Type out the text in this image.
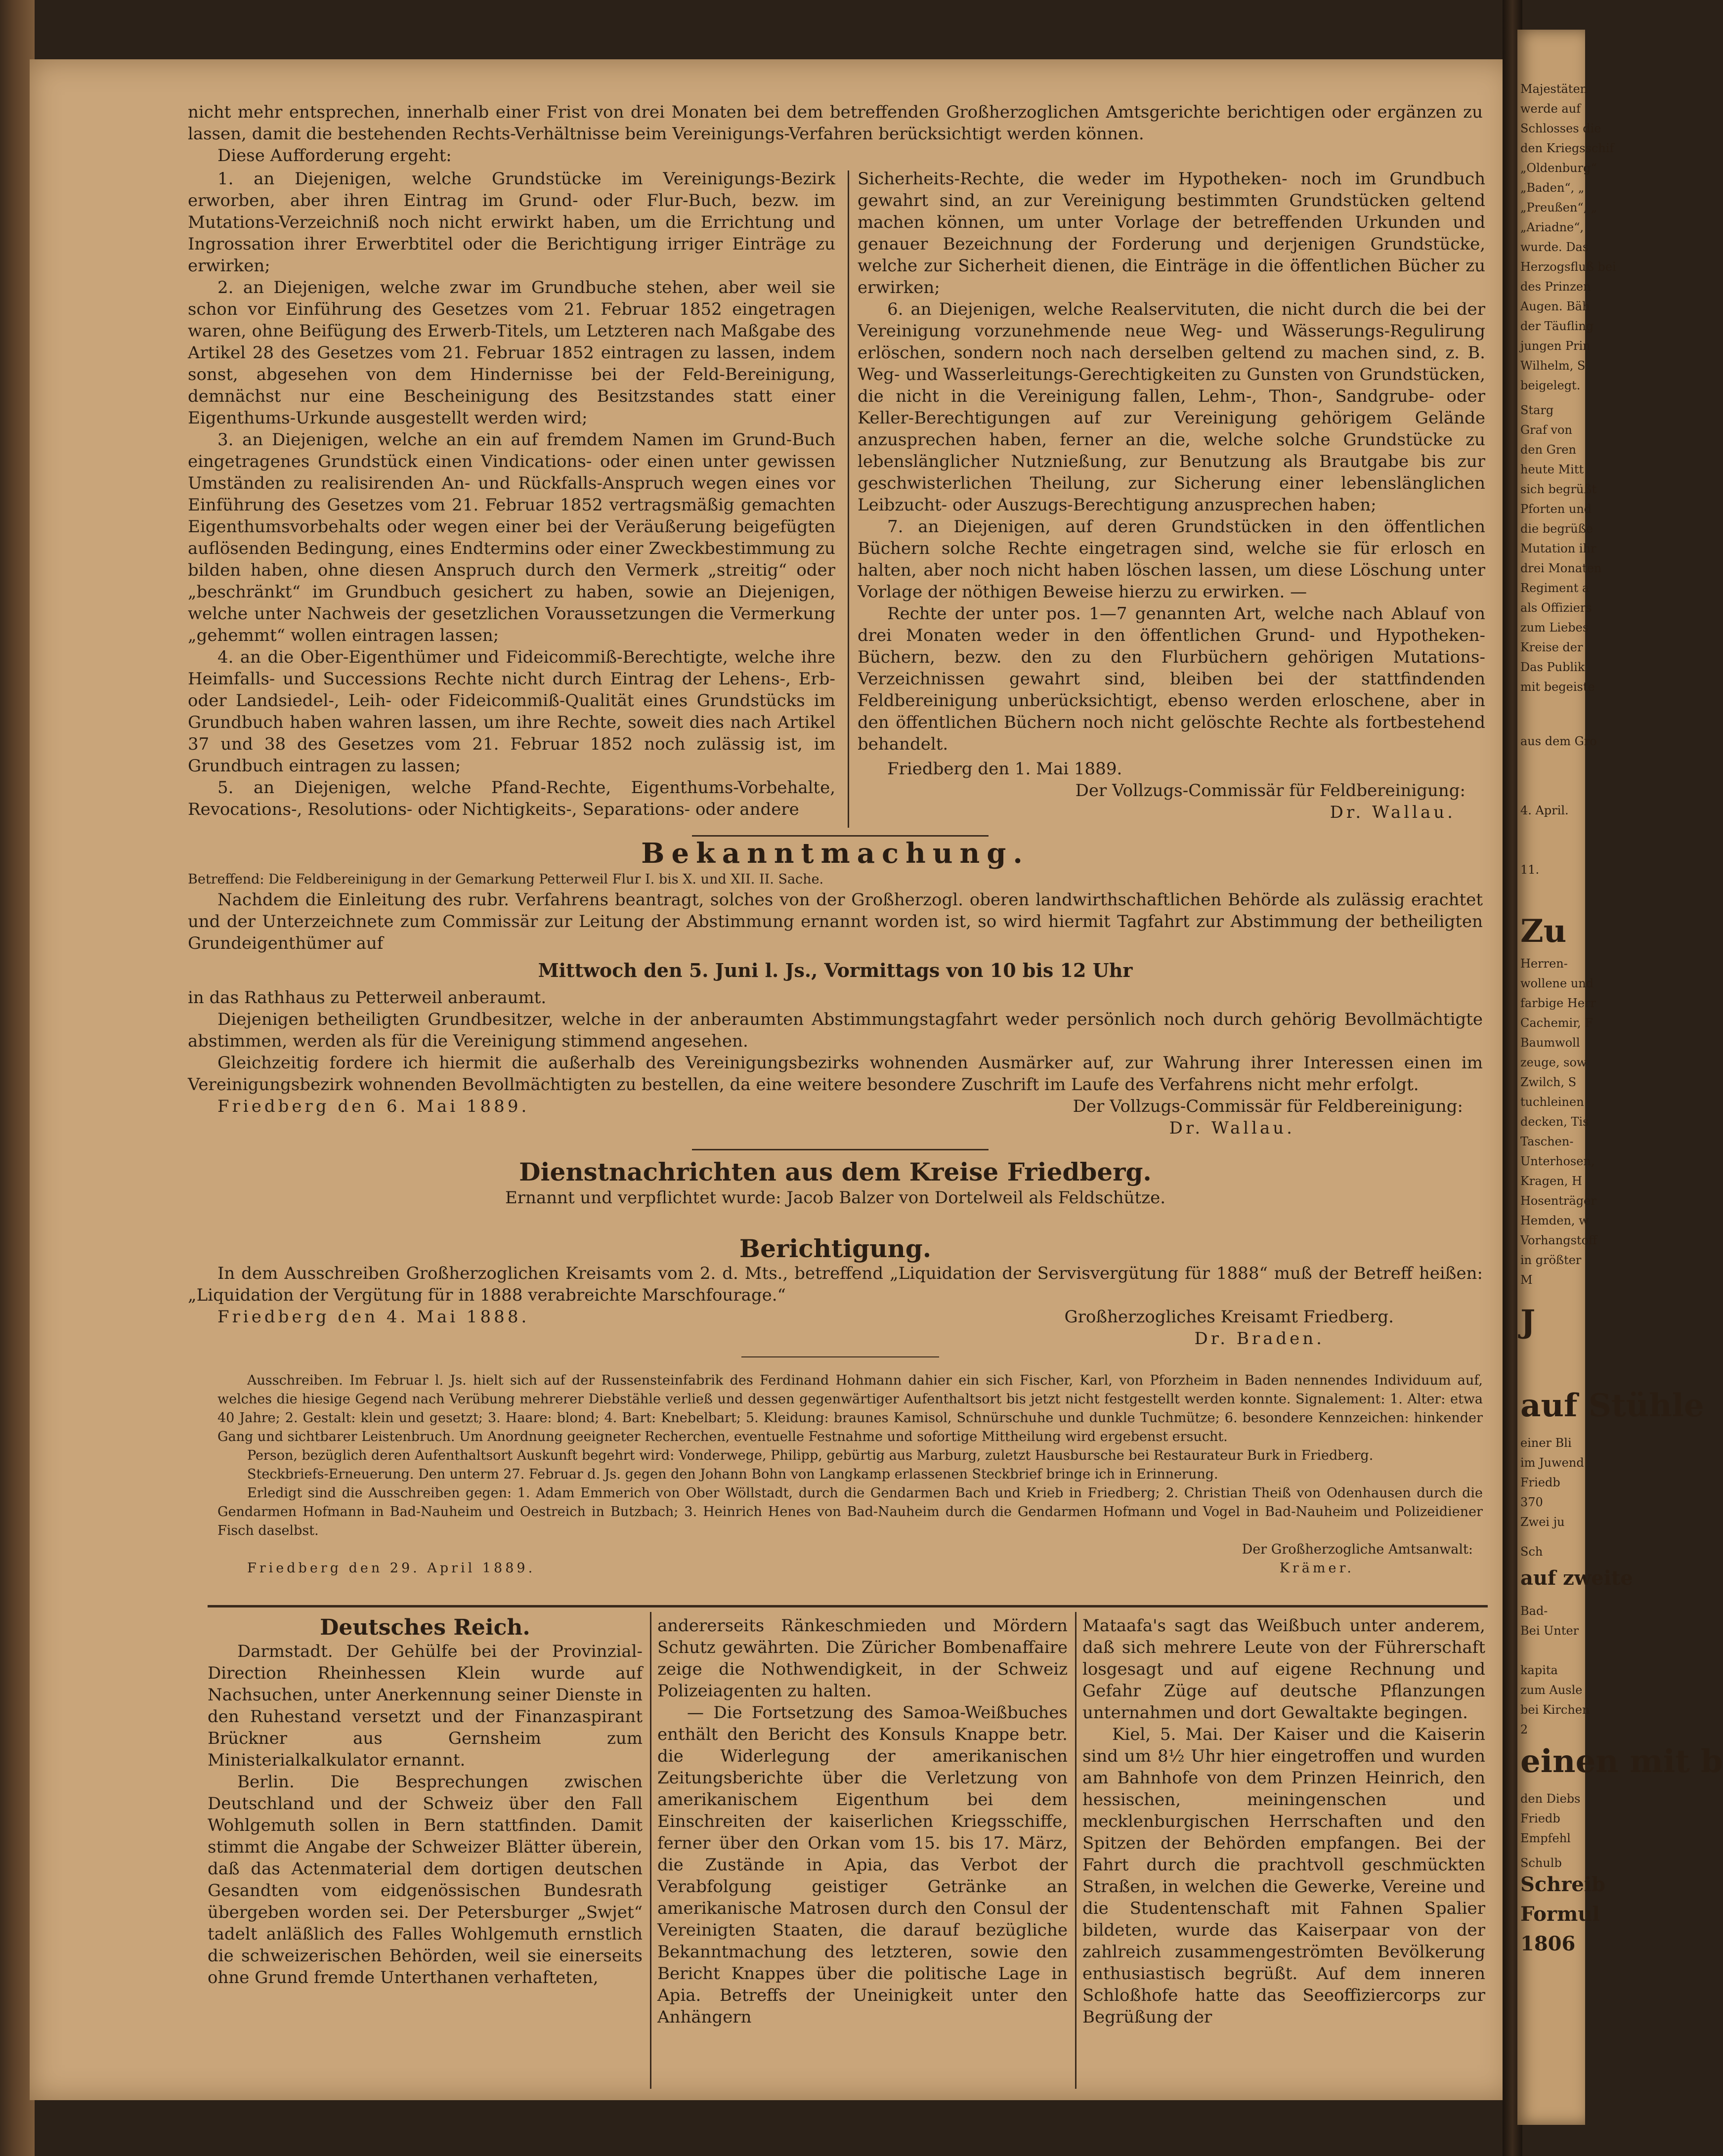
nicht mehr entsprechen, innerhalb einer Frist von drei Monaten bei dem betreffenden Großherzoglichen Amtsgerichte berichtigen oder ergänzen zu lassen, damit die bestehenden Rechts-Verhältnisse beim Vereinigungs-Verfahren berücksichtigt werden können.

Diese Aufforderung ergeht:

1. an Diejenigen, welche Grundstücke im Vereinigungs-Bezirk erworben, aber ihren Eintrag im Grund- oder Flur-Buch, bezw. im Mutations-Verzeichniß noch nicht erwirkt haben, um die Errichtung und Ingrossation ihrer Erwerbtitel oder die Berichtigung irriger Einträge zu erwirken;

2. an Diejenigen, welche zwar im Grundbuche stehen, aber weil sie schon vor Einführung des Gesetzes vom 21. Februar 1852 eingetragen waren, ohne Beifügung des Erwerb-Titels, um Letzteren nach Maßgabe des Artikel 28 des Gesetzes vom 21. Februar 1852 eintragen zu lassen, indem sonst, abgesehen von dem Hindernisse bei der Feld-Bereinigung, demnächst nur eine Bescheinigung des Besitzstandes statt einer Eigenthums-Urkunde ausgestellt werden wird;

3. an Diejenigen, welche an ein auf fremdem Namen im Grund-Buch eingetragenes Grundstück einen Vindications- oder einen unter gewissen Umständen zu realisirenden An- und Rückfalls-Anspruch wegen eines vor Einführung des Gesetzes vom 21. Februar 1852 vertragsmäßig gemachten Eigenthumsvorbehalts oder wegen einer bei der Veräußerung beigefügten auflösenden Bedingung, eines Endtermins oder einer Zweckbestimmung zu bilden haben, ohne diesen Anspruch durch den Vermerk „streitig“ oder „beschränkt“ im Grundbuch gesichert zu haben, sowie an Diejenigen, welche unter Nachweis der gesetzlichen Voraussetzungen die Vermerkung „gehemmt“ wollen eintragen lassen;

4. an die Ober-Eigenthümer und Fideicommiß-Berechtigte, welche ihre Heimfalls- und Successions Rechte nicht durch Eintrag der Lehens-, Erb- oder Landsiedel-, Leih- oder Fideicommiß-Qualität eines Grundstücks im Grundbuch haben wahren lassen, um ihre Rechte, soweit dies nach Artikel 37 und 38 des Gesetzes vom 21. Februar 1852 noch zulässig ist, im Grundbuch eintragen zu lassen;

5. an Diejenigen, welche Pfand-Rechte, Eigenthums-Vorbehalte, Revocations-, Resolutions- oder Nichtigkeits-, Separations- oder andere

Sicherheits-Rechte, die weder im Hypotheken- noch im Grundbuch gewahrt sind, an zur Vereinigung bestimmten Grundstücken geltend machen können, um unter Vorlage der betreffenden Urkunden und genauer Bezeichnung der Forderung und derjenigen Grundstücke, welche zur Sicherheit dienen, die Einträge in die öffentlichen Bücher zu erwirken;

6. an Diejenigen, welche Realservituten, die nicht durch die bei der Vereinigung vorzunehmende neue Weg- und Wässerungs-Regulirung erlöschen, sondern noch nach derselben geltend zu machen sind, z. B. Weg- und Wasserleitungs-Gerechtigkeiten zu Gunsten von Grundstücken, die nicht in die Vereinigung fallen, Lehm-, Thon-, Sandgrube- oder Keller-Berechtigungen auf zur Vereinigung gehörigem Gelände anzusprechen haben, ferner an die, welche solche Grundstücke zu lebenslänglicher Nutznießung, zur Benutzung als Brautgabe bis zur geschwisterlichen Theilung, zur Sicherung einer lebenslänglichen Leibzucht- oder Auszugs-Berechtigung anzusprechen haben;

7. an Diejenigen, auf deren Grundstücken in den öffentlichen Büchern solche Rechte eingetragen sind, welche sie für erlosch en halten, aber noch nicht haben löschen lassen, um diese Löschung unter Vorlage der nöthigen Beweise hierzu zu erwirken. —

Rechte der unter pos. 1—7 genannten Art, welche nach Ablauf von drei Monaten weder in den öffentlichen Grund- und Hypotheken-Büchern, bezw. den zu den Flurbüchern gehörigen Mutations-Verzeichnissen gewahrt sind, bleiben bei der stattfindenden Feldbereinigung unberücksichtigt, ebenso werden erloschene, aber in den öffentlichen Büchern noch nicht gelöschte Rechte als fortbestehend behandelt.

Friedberg den 1. Mai 1889.

Der Vollzugs-Commissär für Feldbereinigung:

Dr. Wallau.

Bekanntmachung.

Betreffend: Die Feldbereinigung in der Gemarkung Petterweil Flur I. bis X. und XII. II. Sache.

Nachdem die Einleitung des rubr. Verfahrens beantragt, solches von der Großherzogl. oberen landwirthschaftlichen Behörde als zulässig erachtet und der Unterzeichnete zum Commissär zur Leitung der Abstimmung ernannt worden ist, so wird hiermit Tagfahrt zur Abstimmung der betheiligten Grundeigenthümer auf

Mittwoch den 5. Juni l. Js., Vormittags von 10 bis 12 Uhr

in das Rathhaus zu Petterweil anberaumt.

Diejenigen betheiligten Grundbesitzer, welche in der anberaumten Abstimmungstagfahrt weder persönlich noch durch gehörig Bevollmächtigte abstimmen, werden als für die Vereinigung stimmend angesehen.

Gleichzeitig fordere ich hiermit die außerhalb des Vereinigungsbezirks wohnenden Ausmärker auf, zur Wahrung ihrer Interessen einen im Vereinigungsbezirk wohnenden Bevollmächtigten zu bestellen, da eine weitere besondere Zuschrift im Laufe des Verfahrens nicht mehr erfolgt.

Friedberg den 6. Mai 1889.	Der Vollzugs-Commissär für Feldbereinigung:

Dr. Wallau.

Dienstnachrichten aus dem Kreise Friedberg.

Ernannt und verpflichtet wurde: Jacob Balzer von Dortelweil als Feldschütze.

Berichtigung.

In dem Ausschreiben Großherzoglichen Kreisamts vom 2. d. Mts., betreffend „Liquidation der Servisvergütung für 1888“ muß der Betreff heißen: „Liquidation der Vergütung für in 1888 verabreichte Marschfourage.“

Friedberg den 4. Mai 1888.	Großherzogliches Kreisamt Friedberg.

Dr. Braden.

Ausschreiben. Im Februar l. Js. hielt sich auf der Russensteinfabrik des Ferdinand Hohmann dahier ein sich Fischer, Karl, von Pforzheim in Baden nennendes Individuum auf, welches die hiesige Gegend nach Verübung mehrerer Diebstähle verließ und dessen gegenwärtiger Aufenthaltsort bis jetzt nicht festgestellt werden konnte. Signalement: 1. Alter: etwa 40 Jahre; 2. Gestalt: klein und gesetzt; 3. Haare: blond; 4. Bart: Knebelbart; 5. Kleidung: braunes Kamisol, Schnürschuhe und dunkle Tuchmütze; 6. besondere Kennzeichen: hinkender Gang und sichtbarer Leistenbruch. Um Anordnung geeigneter Recherchen, eventuelle Festnahme und sofortige Mittheilung wird ergebenst ersucht.

Person, bezüglich deren Aufenthaltsort Auskunft begehrt wird: Vonderwege, Philipp, gebürtig aus Marburg, zuletzt Hausbursche bei Restaurateur Burk in Friedberg.

Steckbriefs-Erneuerung. Den unterm 27. Februar d. Js. gegen den Johann Bohn von Langkamp erlassenen Steckbrief bringe ich in Erinnerung.

Erledigt sind die Ausschreiben gegen: 1. Adam Emmerich von Ober Wöllstadt, durch die Gendarmen Bach und Krieb in Friedberg; 2. Christian Theiß von Odenhausen durch die Gendarmen Hofmann in Bad-Nauheim und Oestreich in Butzbach; 3. Heinrich Henes von Bad-Nauheim durch die Gendarmen Hofmann und Vogel in Bad-Nauheim und Polizeidiener Fisch daselbst.

Der Großherzogliche Amtsanwalt:

Friedberg den 29. April 1889.	Krämer.

Deutsches Reich.

Darmstadt. Der Gehülfe bei der Provinzial-Direction Rheinhessen Klein wurde auf Nachsuchen, unter Anerkennung seiner Dienste in den Ruhestand versetzt und der Finanzaspirant Brückner aus Gernsheim zum Ministerialkalkulator ernannt.

Berlin. Die Besprechungen zwischen Deutschland und der Schweiz über den Fall Wohlgemuth sollen in Bern stattfinden. Damit stimmt die Angabe der Schweizer Blätter überein, daß das Actenmaterial dem dortigen deutschen Gesandten vom eidgenössischen Bundesrath übergeben worden sei. Der Petersburger „Swjet“ tadelt anläßlich des Falles Wohlgemuth ernstlich die schweizerischen Behörden, weil sie einerseits ohne Grund fremde Unterthanen verhafteten,

andererseits Ränkeschmieden und Mördern Schutz gewährten. Die Züricher Bombenaffaire zeige die Nothwendigkeit, in der Schweiz Polizeiagenten zu halten.

— Die Fortsetzung des Samoa-Weißbuches enthält den Bericht des Konsuls Knappe betr. die Widerlegung der amerikanischen Zeitungsberichte über die Verletzung von amerikanischem Eigenthum bei dem Einschreiten der kaiserlichen Kriegsschiffe, ferner über den Orkan vom 15. bis 17. März, die Zustände in Apia, das Verbot der Verabfolgung geistiger Getränke an amerikanische Matrosen durch den Consul der Vereinigten Staaten, die darauf bezügliche Bekanntmachung des letzteren, sowie den Bericht Knappes über die politische Lage in Apia. Betreffs der Uneinigkeit unter den Anhängern

Mataafa's sagt das Weißbuch unter anderem, daß sich mehrere Leute von der Führerschaft losgesagt und auf eigene Rechnung und Gefahr Züge auf deutsche Pflanzungen unternahmen und dort Gewaltakte begingen.

Kiel, 5. Mai. Der Kaiser und die Kaiserin sind um 8½ Uhr hier eingetroffen und wurden am Bahnhofe von dem Prinzen Heinrich, den hessischen, meiningenschen und mecklenburgischen Herrschaften und den Spitzen der Behörden empfangen. Bei der Fahrt durch die prachtvoll geschmückten Straßen, in welchen die Gewerke, Vereine und die Studentenschaft mit Fahnen Spalier bildeten, wurde das Kaiserpaar von der zahlreich zusammengeströmten Bevölkerung enthusiastisch begrüßt. Auf dem inneren Schloßhofe hatte das Seeoffiziercorps zur Begrüßung der

Majestäten
werde auf
Schlosses die
den Kriegsschif
„Oldenburg“
„Baden“, „
„Preußen“, „
„Ariadne“,
wurde. Das
Herzogsfluß bei
des Prinzen
Augen. Bäh
der Täufling
jungen Prin
Wilhelm, S
beigelegt.
Starg
Graf von
den Gren
heute Mitt
sich begrüßt
Pforten und
die begrüße
Mutation ihr
drei Monaten
Regiment a
als Offiziers
zum Liebes
Kreise der
Das Publik
mit begeiste
aus dem Gro
4. April.
11.
Zu
Herren-
wollene und
farbige Herr
Cachemir, F
Baumwoll
zeuge, sow
Zwilch, S
tuchleinen
decken, Tis
Taschen-
Unterhosen,
Kragen, H
Hosenträger
Hemden, w
Vorhangstoff
in größter
M
J
auf Stühle
einer Bli
im Juwend
Friedb
370
Zwei ju
Sch
auf zweite
Bad-
Bei Unter
kapita
zum Ausle
bei Kirchen
2
einen mit b
den Diebs
Friedb
Empfehl
Schulb
Schreib
Formul
1806
